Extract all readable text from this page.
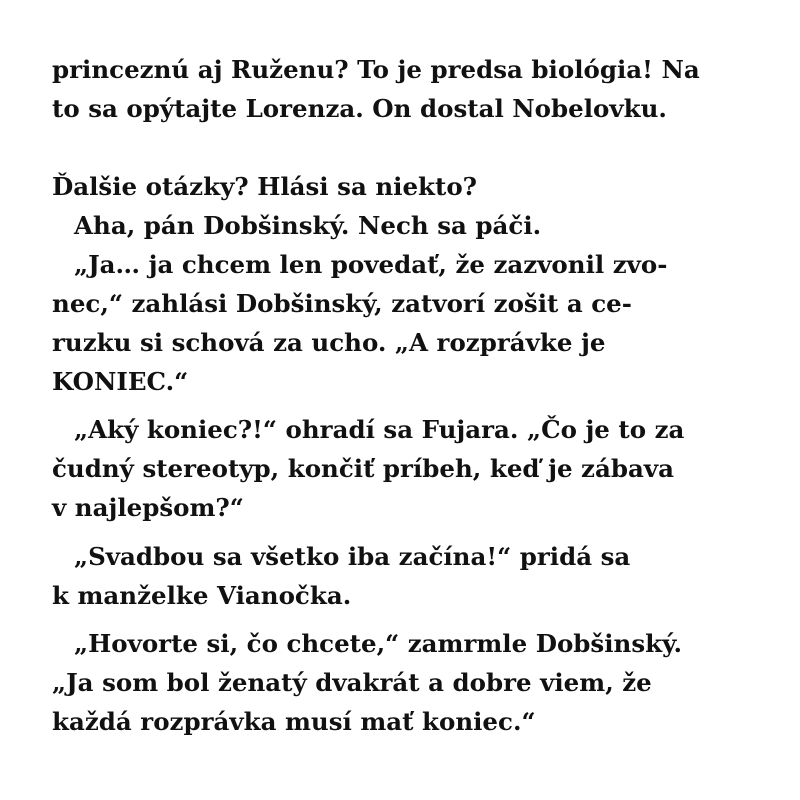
princeznú aj Ruženu? To je predsa biológia! Na
to sa opýtajte Lorenza. On dostal Nobelovku.
Ďalšie otázky? Hlási sa niekto?
Aha, pán Dobšinský. Nech sa páči.
„Ja… ja chcem len povedať, že zazvonil zvo-
nec,“ zahlási Dobšinský, zatvorí zošit a ce-
ruzku si schová za ucho. „A rozprávke je
KONIEC.“
„Aký koniec?!“ ohradí sa Fujara. „Čo je to za
čudný stereotyp, končiť príbeh, keď je zábava
v najlepšom?“
„Svadbou sa všetko iba začína!“ pridá sa
k manželke Vianočka.
„Hovorte si, čo chcete,“ zamrmle Dobšinský.
„Ja som bol ženatý dvakrát a dobre viem, že
každá rozprávka musí mať koniec.“
